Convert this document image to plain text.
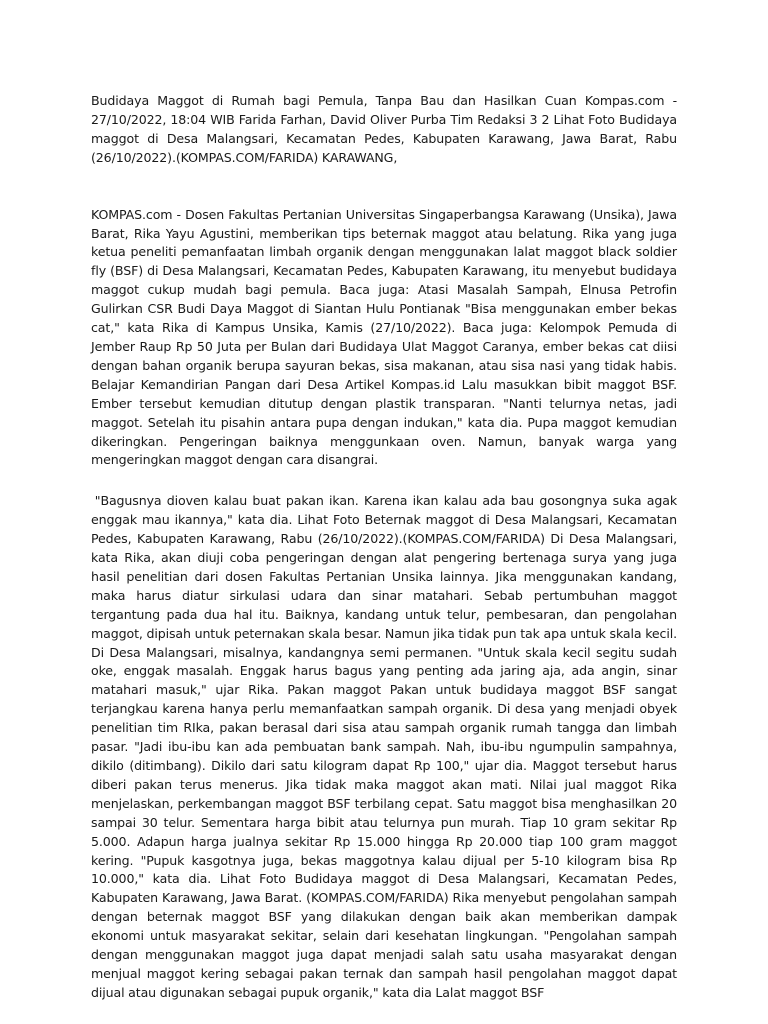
Budidaya Maggot di Rumah bagi Pemula, Tanpa Bau dan Hasilkan Cuan Kompas.com - 27/10/2022, 18:04 WIB Farida Farhan, David Oliver Purba Tim Redaksi 3 2 Lihat Foto Budidaya maggot di Desa Malangsari, Kecamatan Pedes, Kabupaten Karawang, Jawa Barat, Rabu (26/10/2022).(KOMPAS.COM/FARIDA) KARAWANG,

KOMPAS.com - Dosen Fakultas Pertanian Universitas Singaperbangsa Karawang (Unsika), Jawa Barat, Rika Yayu Agustini, memberikan tips beternak maggot atau belatung. Rika yang juga ketua peneliti pemanfaatan limbah organik dengan menggunakan lalat maggot black soldier fly (BSF) di Desa Malangsari, Kecamatan Pedes, Kabupaten Karawang, itu menyebut budidaya maggot cukup mudah bagi pemula. Baca juga: Atasi Masalah Sampah, Elnusa Petrofin Gulirkan CSR Budi Daya Maggot di Siantan Hulu Pontianak "Bisa menggunakan ember bekas cat," kata Rika di Kampus Unsika, Kamis (27/10/2022). Baca juga: Kelompok Pemuda di Jember Raup Rp 50 Juta per Bulan dari Budidaya Ulat Maggot Caranya, ember bekas cat diisi dengan bahan organik berupa sayuran bekas, sisa makanan, atau sisa nasi yang tidak habis. Belajar Kemandirian Pangan dari Desa Artikel Kompas.id Lalu masukkan bibit maggot BSF. Ember tersebut kemudian ditutup dengan plastik transparan. "Nanti telurnya netas, jadi maggot. Setelah itu pisahin antara pupa dengan indukan," kata dia. Pupa maggot kemudian dikeringkan. Pengeringan baiknya menggunkaan oven. Namun, banyak warga yang mengeringkan maggot dengan cara disangrai.

"Bagusnya dioven kalau buat pakan ikan. Karena ikan kalau ada bau gosongnya suka agak enggak mau ikannya," kata dia. Lihat Foto Beternak maggot di Desa Malangsari, Kecamatan Pedes, Kabupaten Karawang, Rabu (26/10/2022).(KOMPAS.COM/FARIDA) Di Desa Malangsari, kata Rika, akan diuji coba pengeringan dengan alat pengering bertenaga surya yang juga hasil penelitian dari dosen Fakultas Pertanian Unsika lainnya. Jika menggunakan kandang, maka harus diatur sirkulasi udara dan sinar matahari. Sebab pertumbuhan maggot tergantung pada dua hal itu. Baiknya, kandang untuk telur, pembesaran, dan pengolahan maggot, dipisah untuk peternakan skala besar. Namun jika tidak pun tak apa untuk skala kecil. Di Desa Malangsari, misalnya, kandangnya semi permanen. "Untuk skala kecil segitu sudah oke, enggak masalah. Enggak harus bagus yang penting ada jaring aja, ada angin, sinar matahari masuk," ujar Rika. Pakan maggot Pakan untuk budidaya maggot BSF sangat terjangkau karena hanya perlu memanfaatkan sampah organik. Di desa yang menjadi obyek penelitian tim RIka, pakan berasal dari sisa atau sampah organik rumah tangga dan limbah pasar. "Jadi ibu-ibu kan ada pembuatan bank sampah. Nah, ibu-ibu ngumpulin sampahnya, dikilo (ditimbang). Dikilo dari satu kilogram dapat Rp 100," ujar dia. Maggot tersebut harus diberi pakan terus menerus. Jika tidak maka maggot akan mati. Nilai jual maggot Rika menjelaskan, perkembangan maggot BSF terbilang cepat. Satu maggot bisa menghasilkan 20 sampai 30 telur. Sementara harga bibit atau telurnya pun murah. Tiap 10 gram sekitar Rp 5.000. Adapun harga jualnya sekitar Rp 15.000 hingga Rp 20.000 tiap 100 gram maggot kering. "Pupuk kasgotnya juga, bekas maggotnya kalau dijual per 5-10 kilogram bisa Rp 10.000," kata dia. Lihat Foto Budidaya maggot di Desa Malangsari, Kecamatan Pedes, Kabupaten Karawang, Jawa Barat. (KOMPAS.COM/FARIDA) Rika menyebut pengolahan sampah dengan beternak maggot BSF yang dilakukan dengan baik akan memberikan dampak ekonomi untuk masyarakat sekitar, selain dari kesehatan lingkungan. "Pengolahan sampah dengan menggunakan maggot juga dapat menjadi salah satu usaha masyarakat dengan menjual maggot kering sebagai pakan ternak dan sampah hasil pengolahan maggot dapat dijual atau digunakan sebagai pupuk organik," kata dia Lalat maggot BSF
